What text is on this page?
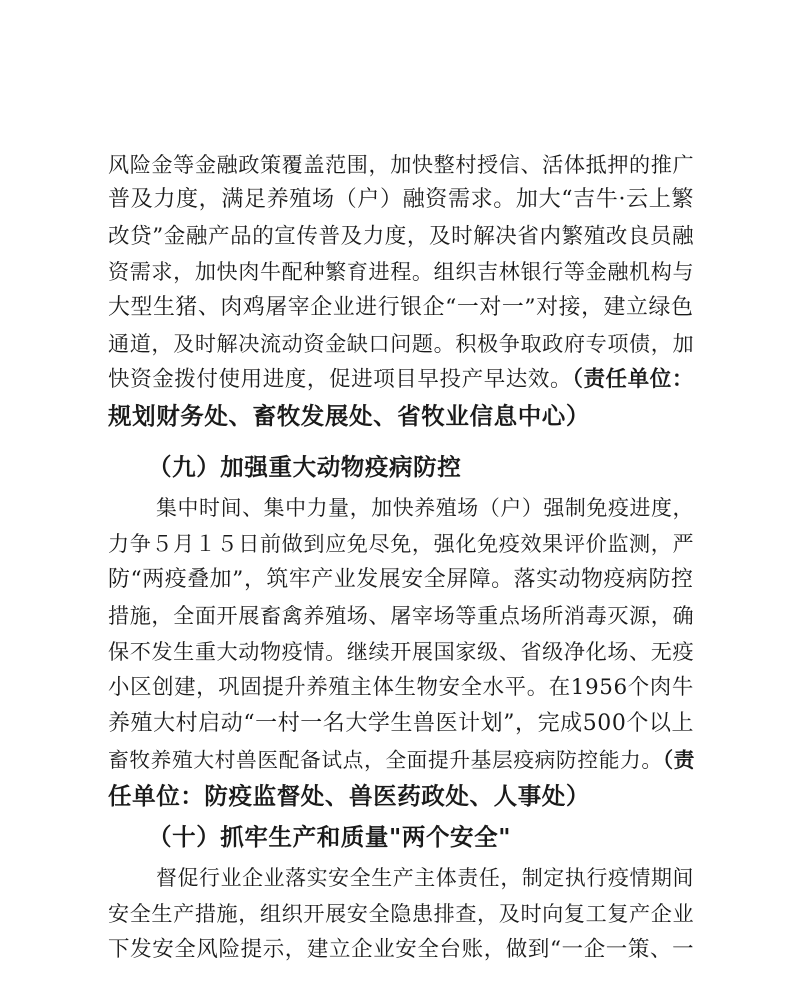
风险金等金融政策覆盖范围，加快整村授信、活体抵押的推广
普及力度，满足养殖场（户）融资需求。加大“吉牛·云上繁
改贷”金融产品的宣传普及力度，及时解决省内繁殖改良员融
资需求，加快肉牛配种繁育进程。组织吉林银行等金融机构与
大型生猪、肉鸡屠宰企业进行银企“一对一”对接，建立绿色
通道，及时解决流动资金缺口问题。积极争取政府专项债，加
快资金拨付使用进度，促进项目早投产早达效。（责任单位：
规划财务处、畜牧发展处、省牧业信息中心）
（九）加强重大动物疫病防控
集中时间、集中力量，加快养殖场（户）强制免疫进度，
力争５月１５日前做到应免尽免，强化免疫效果评价监测，严
防“两疫叠加”，筑牢产业发展安全屏障。落实动物疫病防控
措施，全面开展畜禽养殖场、屠宰场等重点场所消毒灭源，确
保不发生重大动物疫情。继续开展国家级、省级净化场、无疫
小区创建，巩固提升养殖主体生物安全水平。在1956个肉牛
养殖大村启动“一村一名大学生兽医计划”，完成500个以上
畜牧养殖大村兽医配备试点，全面提升基层疫病防控能力。（责
任单位：防疫监督处、兽医药政处、人事处）
（十）抓牢生产和质量"两个安全"
督促行业企业落实安全生产主体责任，制定执行疫情期间
安全生产措施，组织开展安全隐患排查，及时向复工复产企业
下发安全风险提示，建立企业安全台账，做到“一企一策、一
